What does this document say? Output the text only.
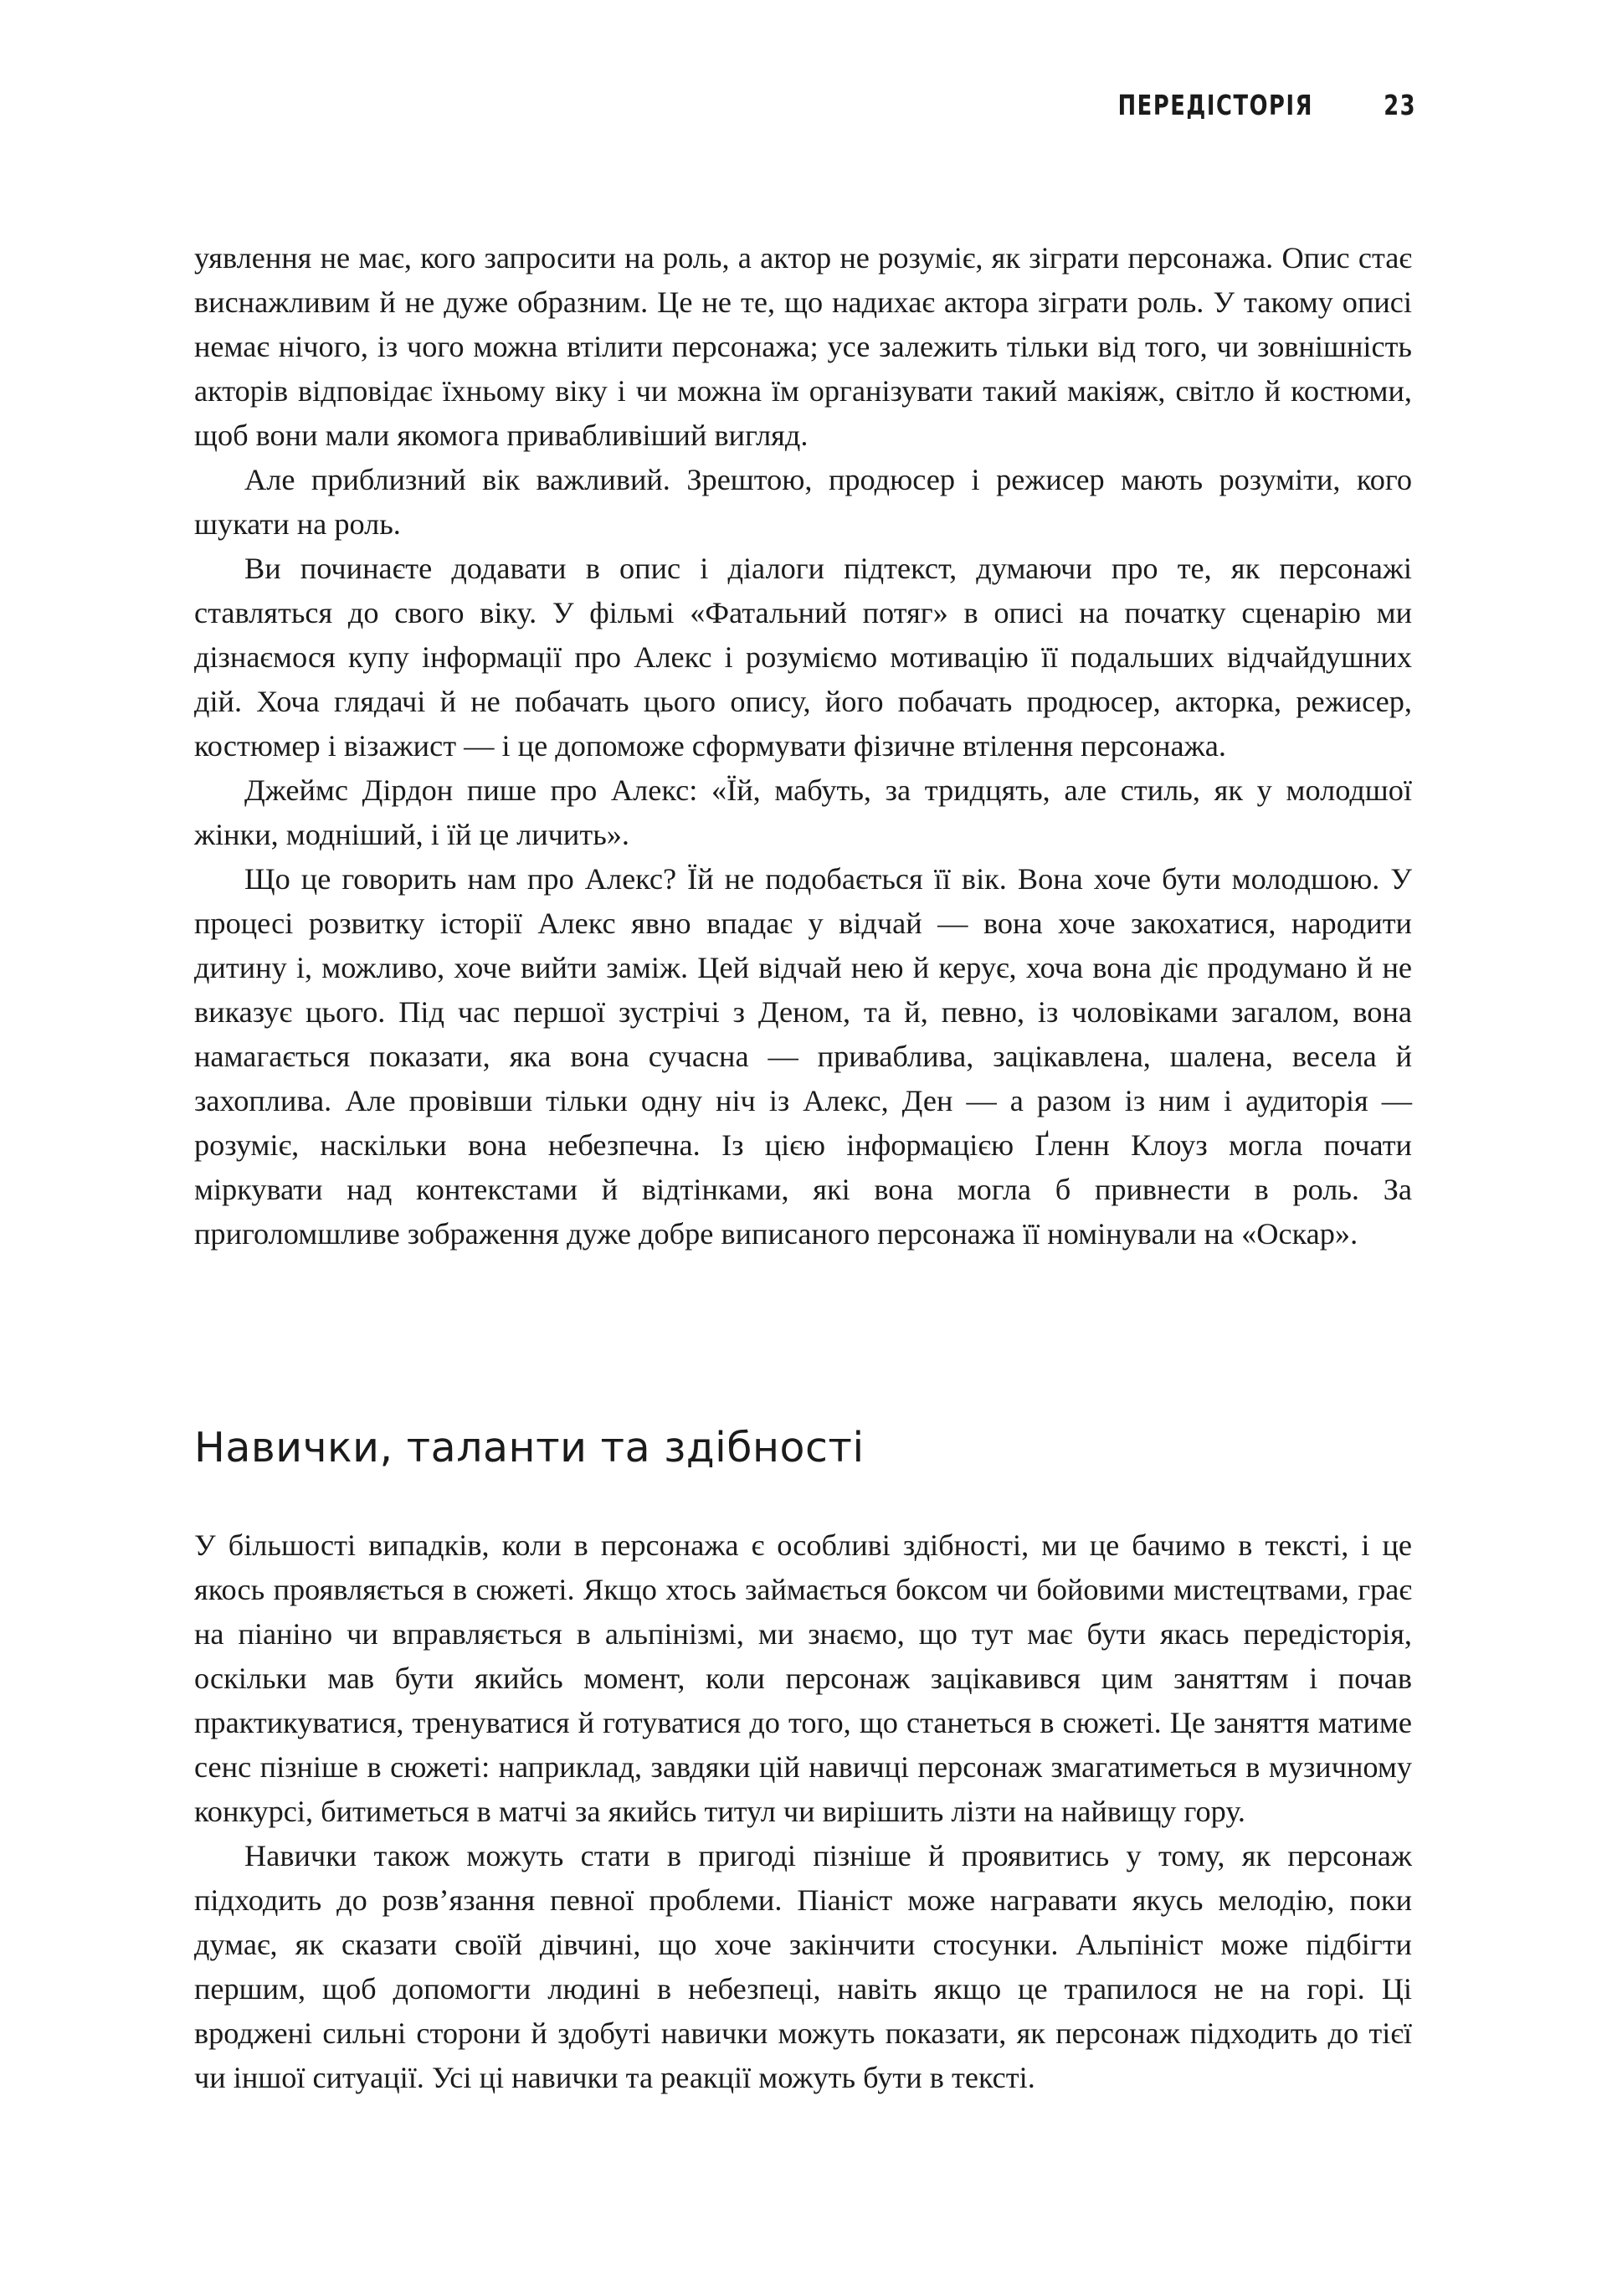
ПЕРЕДІСТОРІЯ	23

уявлення не має, кого запросити на роль, а актор не розуміє, як зіграти персонажа. Опис стає виснажливим й не дуже образним. Це не те, що надихає актора зіграти роль. У такому описі немає нічого, із чого можна втілити персонажа; усе залежить тільки від того, чи зовнішність акторів відповідає їхньому віку і чи можна їм організувати такий макіяж, світло й костюми, щоб вони мали якомога привабливіший вигляд.

Але приблизний вік важливий. Зрештою, продюсер і режисер мають розуміти, кого шукати на роль.

Ви починаєте додавати в опис і діалоги підтекст, думаючи про те, як персонажі ставляться до свого віку. У фільмі «Фатальний потяг» в описі на початку сценарію ми дізнаємося купу інформації про Алекс і розуміємо мотивацію її подальших відчайдушних дій. Хоча глядачі й не побачать цього опису, його побачать продюсер, акторка, режисер, костюмер і візажист — і це допоможе сформувати фізичне втілення персонажа.

Джеймс Дірдон пише про Алекс: «Їй, мабуть, за тридцять, але стиль, як у молодшої жінки, модніший, і їй це личить».

Що це говорить нам про Алекс? Їй не подобається її вік. Вона хоче бути молодшою. У процесі розвитку історії Алекс явно впадає у відчай — вона хоче закохатися, народити дитину і, можливо, хоче вийти заміж. Цей відчай нею й керує, хоча вона діє продумано й не виказує цього. Під час першої зустрічі з Деном, та й, певно, із чоловіками загалом, вона намагається показати, яка вона сучасна — приваблива, зацікавлена, шалена, весела й захоплива. Але провівши тільки одну ніч із Алекс, Ден — а разом із ним і аудиторія — розуміє, наскільки вона небезпечна. Із цією інформацією Ґленн Клоуз могла почати міркувати над контекстами й відтінками, які вона могла б привнести в роль. За приголомшливе зображення дуже добре виписаного персонажа її номінували на «Оскар».

Навички, таланти та здібності

У більшості випадків, коли в персонажа є особливі здібності, ми це бачимо в тексті, і це якось проявляється в сюжеті. Якщо хтось займається боксом чи бойовими мистецтвами, грає на піаніно чи вправляється в альпінізмі, ми знаємо, що тут має бути якась передісторія, оскільки мав бути якийсь момент, коли персонаж зацікавився цим заняттям і почав практикуватися, тренуватися й готуватися до того, що станеться в сюжеті. Це заняття матиме сенс пізніше в сюжеті: наприклад, завдяки цій навичці персонаж змагатиметься в музичному конкурсі, битиметься в матчі за якийсь титул чи вирішить лізти на найвищу гору.

Навички також можуть стати в пригоді пізніше й проявитись у тому, як персонаж підходить до розв’язання певної проблеми. Піаніст може награвати якусь мелодію, поки думає, як сказати своїй дівчині, що хоче закінчити стосунки. Альпініст може підбігти першим, щоб допомогти людині в небезпеці, навіть якщо це трапилося не на горі. Ці вроджені сильні сторони й здобуті навички можуть показати, як персонаж підходить до тієї чи іншої ситуації. Усі ці навички та реакції можуть бути в тексті.
